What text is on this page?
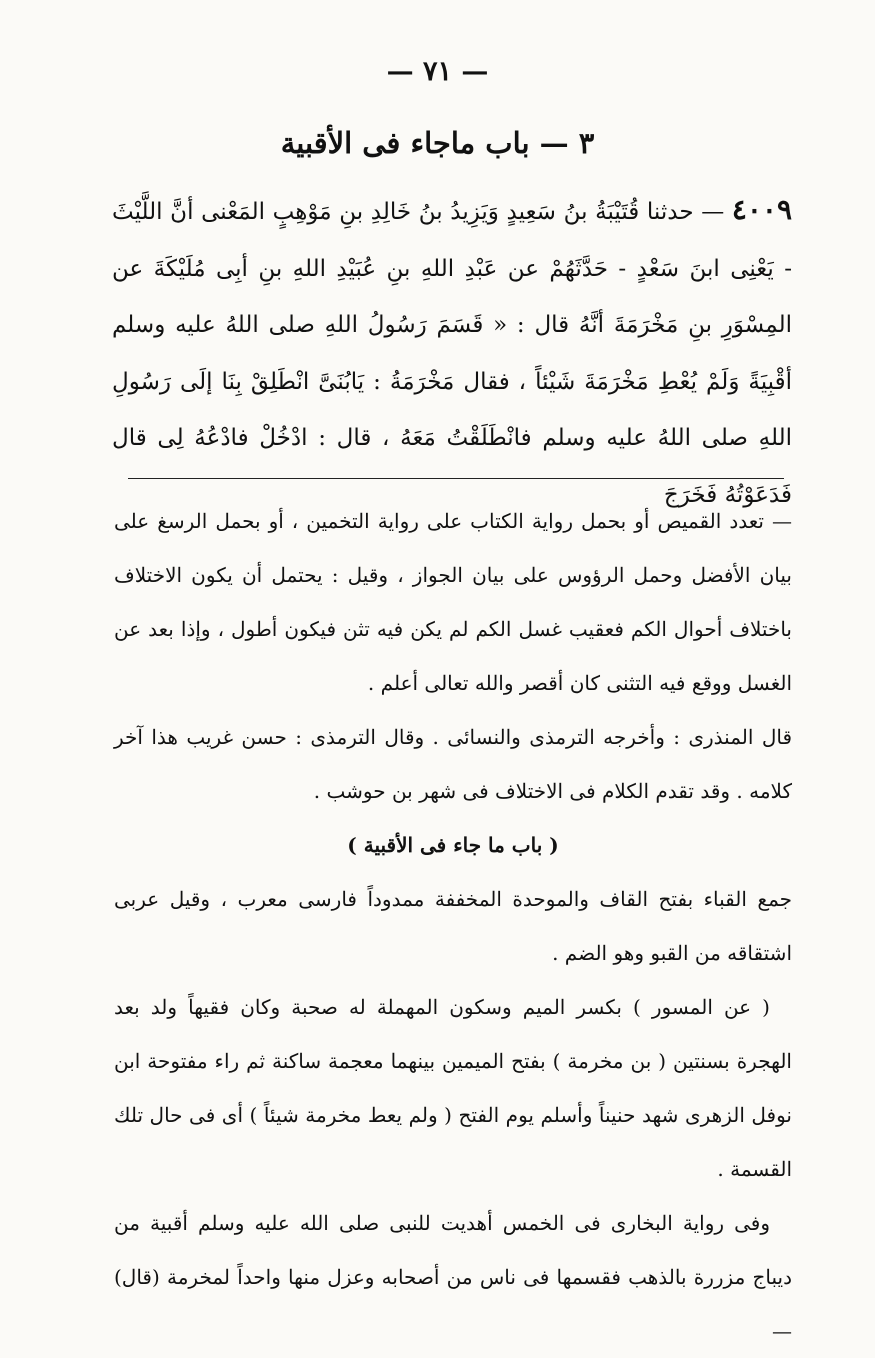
— ٧١ —
٣ — باب ماجاء فى الأقبية
٤٠٠٩ — حدثنا قُتَيْبَةُ بنُ سَعِيدٍ وَيَزِيدُ بنُ خَالِدِ بنِ مَوْهِبٍ المَعْنى أنَّ اللَّيْثَ - يَعْنِى ابنَ سَعْدٍ - حَدَّثَهُمْ عن عَبْدِ اللهِ بنِ عُبَيْدِ اللهِ بنِ أبِى مُلَيْكَةَ عن المِسْوَرِ بنِ مَخْرَمَةَ أنَّهُ قال : « قَسَمَ رَسُولُ اللهِ صلى اللهُ عليه وسلم أقْبِيَةً وَلَمْ يُعْطِ مَخْرَمَةَ شَيْئاً ، فقال مَخْرَمَةُ : يَابُنَىَّ انْطَلِقْ بِنَا إلَى رَسُولِ اللهِ صلى اللهُ عليه وسلم فانْطَلَقْتُ مَعَهُ ، قال : ادْخُلْ فادْعُهُ لِى قال فَدَعَوْتُهُ فَخَرَجَ

— تعدد القميص أو بحمل رواية الكتاب على رواية التخمين ، أو بحمل الرسغ على بيان الأفضل وحمل الرؤوس على بيان الجواز ، وقيل : يحتمل أن يكون الاختلاف باختلاف أحوال الكم فعقيب غسل الكم لم يكن فيه تثن فيكون أطول ، وإذا بعد عن الغسل ووقع فيه التثنى كان أقصر والله تعالى أعلم .

قال المنذرى : وأخرجه الترمذى والنسائى . وقال الترمذى : حسن غريب هذا آخر كلامه . وقد تقدم الكلام فى الاختلاف فى شهر بن حوشب .

( باب ما جاء فى الأقبية )

جمع القباء بفتح القاف والموحدة المخففة ممدوداً فارسى معرب ، وقيل عربى اشتقاقه من القبو وهو الضم .

( عن المسور ) بكسر الميم وسكون المهملة له صحبة وكان فقيهاً ولد بعد الهجرة بسنتين ( بن مخرمة ) بفتح الميمين بينهما معجمة ساكنة ثم راء مفتوحة ابن نوفل الزهرى شهد حنيناً وأسلم يوم الفتح ( ولم يعط مخرمة شيئاً ) أى فى حال تلك القسمة .

وفى رواية البخارى فى الخمس أهديت للنبى صلى الله عليه وسلم أقبية من ديباج مزررة بالذهب فقسمها فى ناس من أصحابه وعزل منها واحداً لمخرمة (قال) —
